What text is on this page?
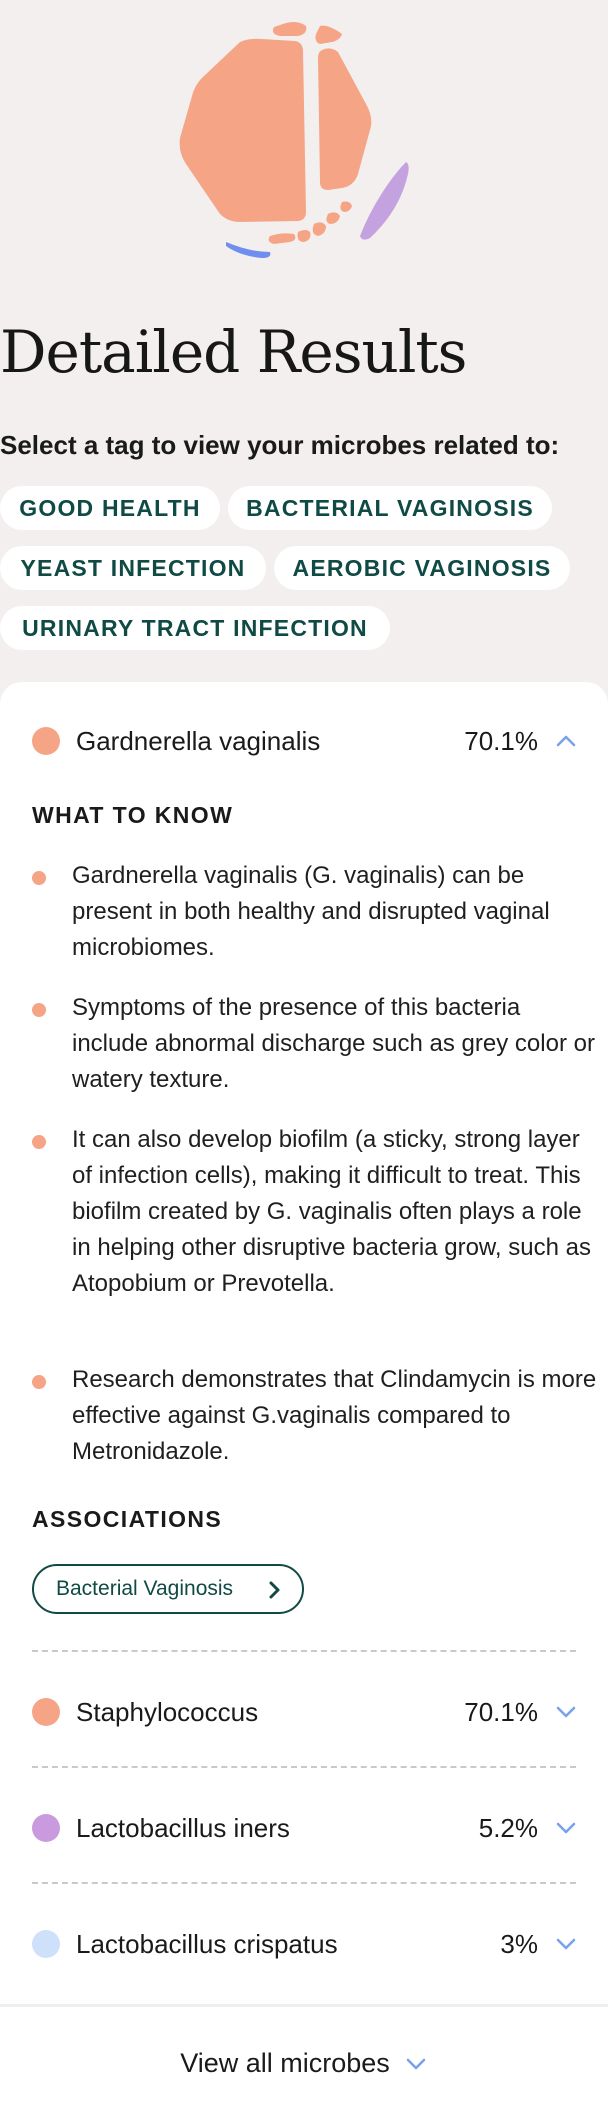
Detailed Results

Select a tag to view your microbes related to:

GOOD HEALTH	BACTERIAL VAGINOSIS
YEAST INFECTION	AEROBIC VAGINOSIS
URINARY TRACT INFECTION
Gardnerella vaginalis	70.1%
WHAT TO KNOW

Gardnerella vaginalis (G. vaginalis) can be present in both healthy and disrupted vaginal microbiomes.

Symptoms of the presence of this bacteria include abnormal discharge such as grey color or watery texture.

It can also develop biofilm (a sticky, strong layer of infection cells), making it difficult to treat. This biofilm created by G. vaginalis often plays a role in helping other disruptive bacteria grow, such as Atopobium or Prevotella.

Research demonstrates that Clindamycin is more effective against G.vaginalis compared to Metronidazole.

ASSOCIATIONS
Bacterial Vaginosis
Staphylococcus	70.1%
Lactobacillus iners	5.2%
Lactobacillus crispatus	3%
View all microbes
